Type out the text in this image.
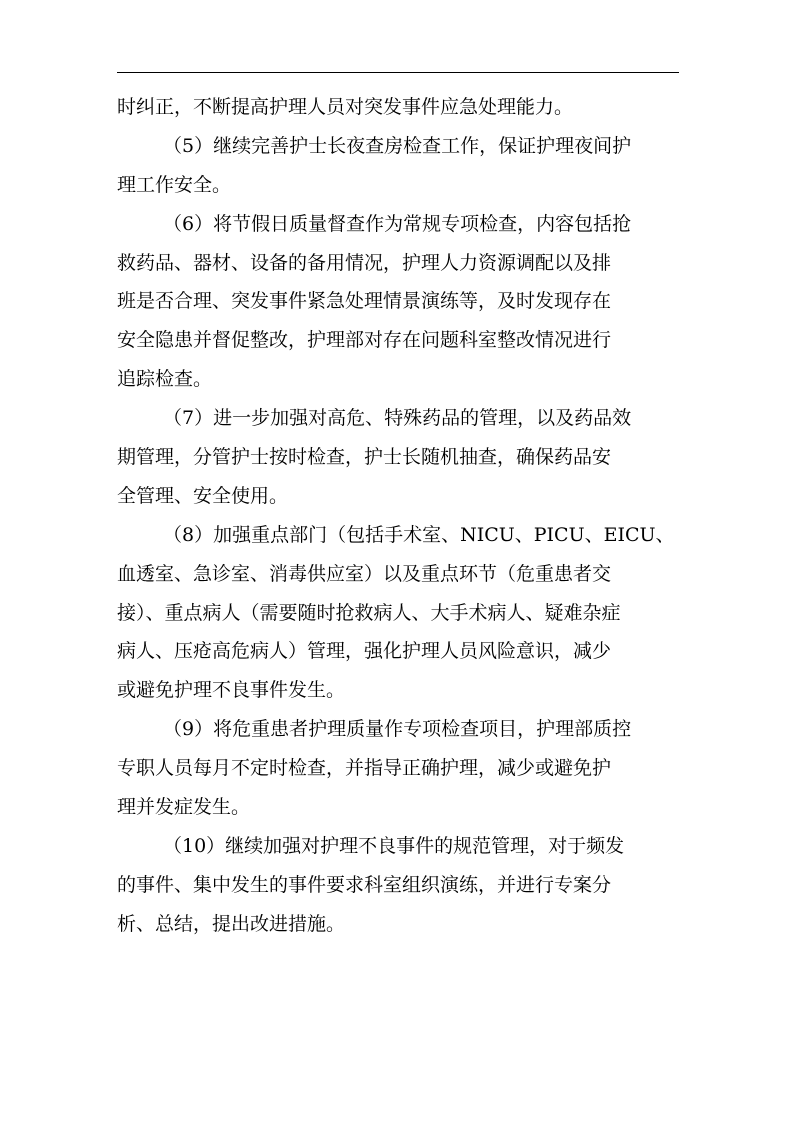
时纠正，不断提高护理人员对突发事件应急处理能力。
（5）继续完善护士长夜查房检查工作，保证护理夜间护
理工作安全。
（6）将节假日质量督查作为常规专项检查，内容包括抢
救药品、器材、设备的备用情况，护理人力资源调配以及排
班是否合理、突发事件紧急处理情景演练等，及时发现存在
安全隐患并督促整改，护理部对存在问题科室整改情况进行
追踪检查。
（7）进一步加强对高危、特殊药品的管理，以及药品效
期管理，分管护士按时检查，护士长随机抽查，确保药品安
全管理、安全使用。
（8）加强重点部门（包括手术室、NICU、PICU、EICU、
血透室、急诊室、消毒供应室）以及重点环节（危重患者交
接）、重点病人（需要随时抢救病人、大手术病人、疑难杂症
病人、压疮高危病人）管理，强化护理人员风险意识，减少
或避免护理不良事件发生。
（9）将危重患者护理质量作专项检查项目，护理部质控
专职人员每月不定时检查，并指导正确护理，减少或避免护
理并发症发生。
（10）继续加强对护理不良事件的规范管理，对于频发
的事件、集中发生的事件要求科室组织演练，并进行专案分
析、总结，提出改进措施。
